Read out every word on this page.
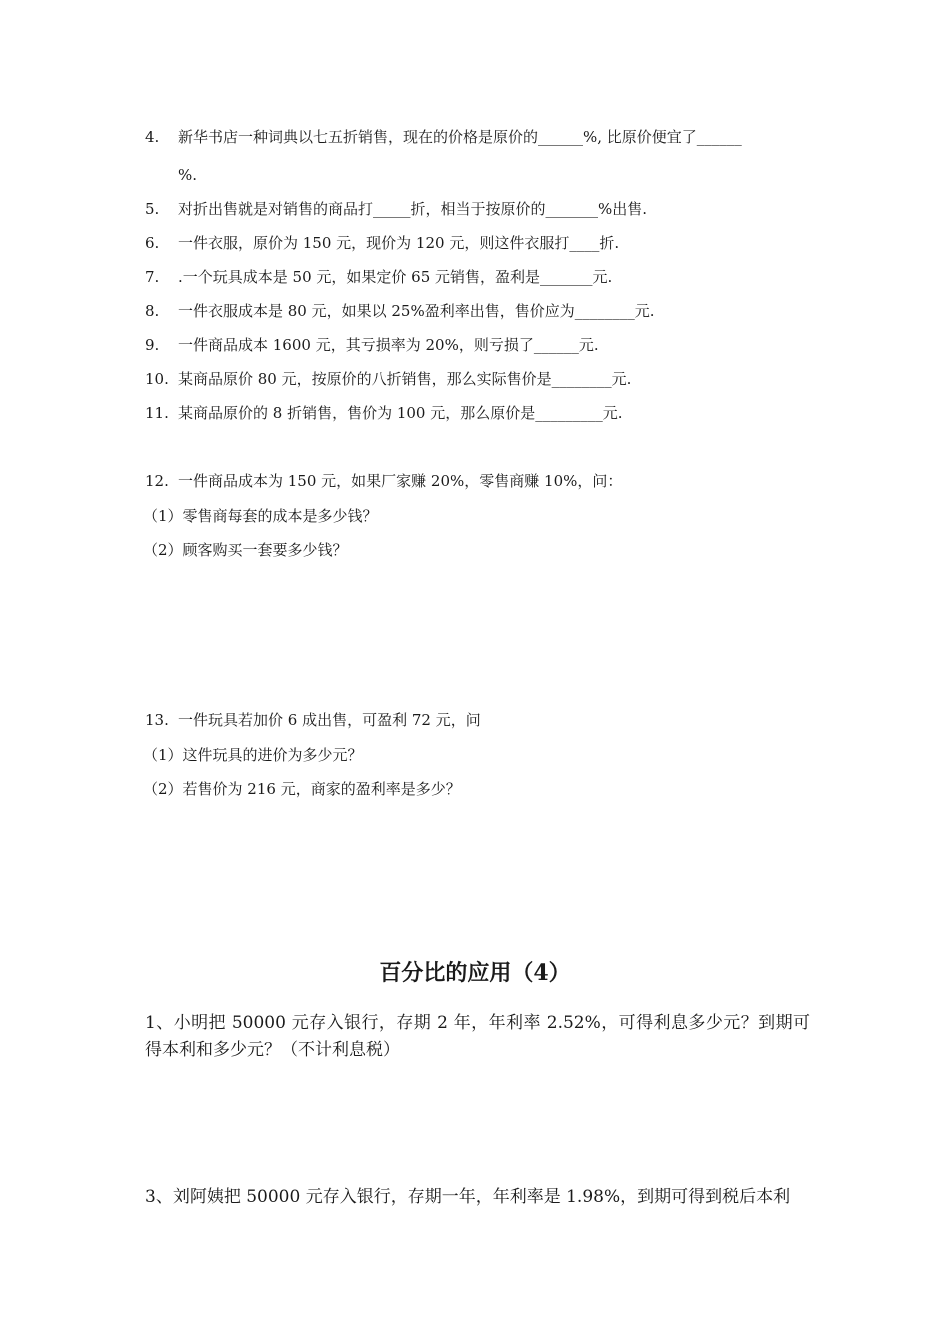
4. 新华书店一种词典以七五折销售，现在的价格是原价的______%, 比原价便宜了______
%.
5. 对折出售就是对销售的商品打_____折，相当于按原价的_______%出售.
6. 一件衣服，原价为 150 元，现价为 120 元，则这件衣服打____折.
7. .一个玩具成本是 50 元，如果定价 65 元销售，盈利是_______元.
8. 一件衣服成本是 80 元，如果以 25%盈利率出售，售价应为________元.
9. 一件商品成本 1600 元，其亏损率为 20%，则亏损了______元.
10. 某商品原价 80 元，按原价的八折销售，那么实际售价是________元.
11. 某商品原价的 8 折销售，售价为 100 元，那么原价是_________元.
12. 一件商品成本为 150 元，如果厂家赚 20%，零售商赚 10%，问：
（1）零售商每套的成本是多少钱？
（2）顾客购买一套要多少钱？
13. 一件玩具若加价 6 成出售，可盈利 72 元，问
（1）这件玩具的进价为多少元？
（2）若售价为 216 元，商家的盈利率是多少？
百分比的应用（4）
1、小明把 50000 元存入银行，存期 2 年，年利率 2.52%，可得利息多少元？到期可得本利和多少元？（不计利息税）
3、刘阿姨把 50000 元存入银行，存期一年，年利率是 1.98%，到期可得到税后本利
